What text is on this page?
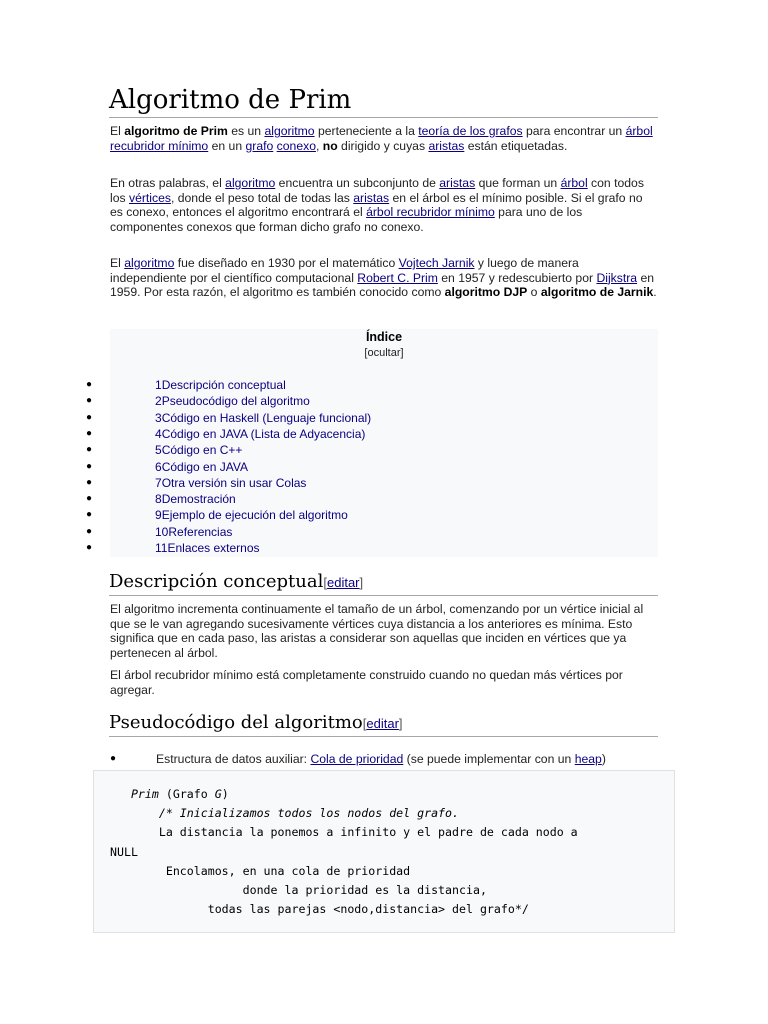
Algoritmo de Prim
El algoritmo de Prim es un algoritmo perteneciente a la teoría de los grafos para encontrar un árbol recubridor mínimo en un grafo conexo, no dirigido y cuyas aristas están etiquetadas.
En otras palabras, el algoritmo encuentra un subconjunto de aristas que forman un árbol con todos los vértices, donde el peso total de todas las aristas en el árbol es el mínimo posible. Si el grafo no es conexo, entonces el algoritmo encontrará el árbol recubridor mínimo para uno de los componentes conexos que forman dicho grafo no conexo.
El algoritmo fue diseñado en 1930 por el matemático Vojtech Jarnik y luego de manera independiente por el científico computacional Robert C. Prim en 1957 y redescubierto por Dijkstra en 1959. Por esta razón, el algoritmo es también conocido como algoritmo DJP o algoritmo de Jarnik.
Índice
[ocultar]
●	1Descripción conceptual
●	2Pseudocódigo del algoritmo
●	3Código en Haskell (Lenguaje funcional)
●	4Código en JAVA (Lista de Adyacencia)
●	5Código en C++
●	6Código en JAVA
●	7Otra versión sin usar Colas
●	8Demostración
●	9Ejemplo de ejecución del algoritmo
●	10Referencias
●	11Enlaces externos
Descripción conceptual[editar]
El algoritmo incrementa continuamente el tamaño de un árbol, comenzando por un vértice inicial al que se le van agregando sucesivamente vértices cuya distancia a los anteriores es mínima. Esto significa que en cada paso, las aristas a considerar son aquellas que inciden en vértices que ya pertenecen al árbol.
El árbol recubridor mínimo está completamente construido cuando no quedan más vértices por agregar.
Pseudocódigo del algoritmo[editar]
●	Estructura de datos auxiliar: Cola de prioridad (se puede implementar con un heap)
Prim (Grafo G)
/* Inicializamos todos los nodos del grafo.
La distancia la ponemos a infinito y el padre de cada nodo a
NULL
Encolamos, en una cola de prioridad
donde la prioridad es la distancia,
todas las parejas <nodo,distancia> del grafo*/
